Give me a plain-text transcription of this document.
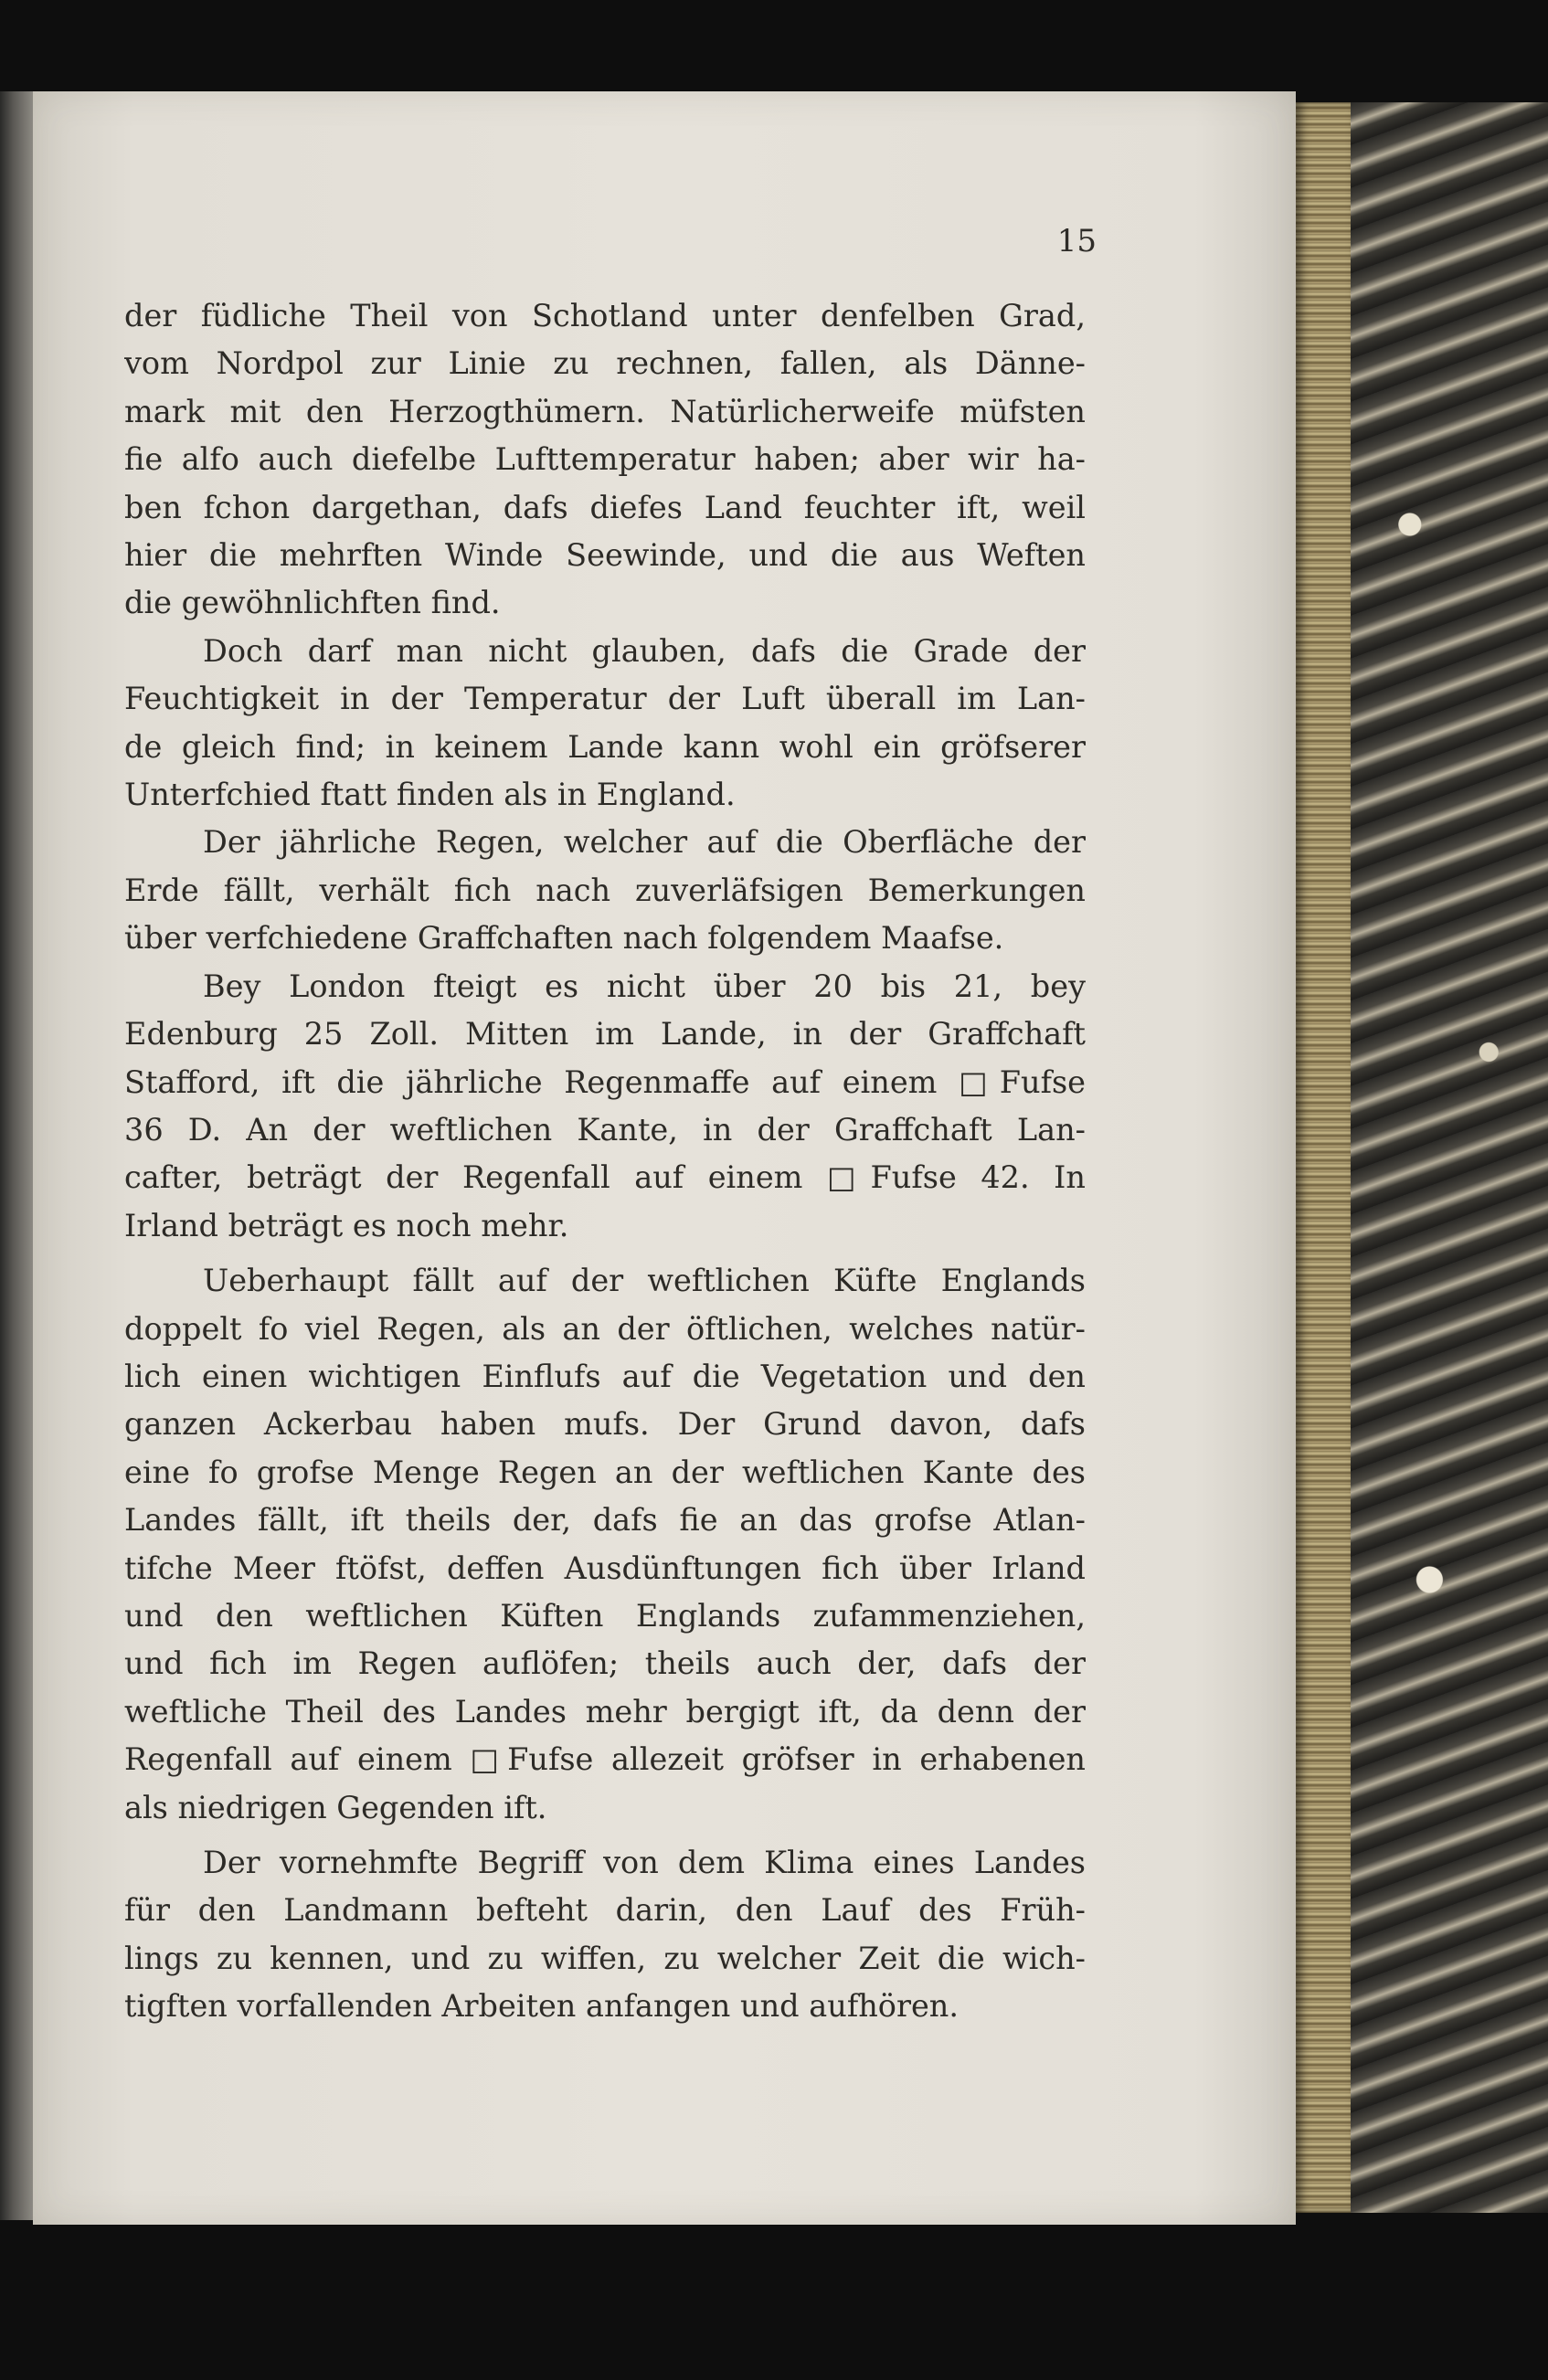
15
der füdliche Theil von Schotland unter denfelben Grad,
vom Nordpol zur Linie zu rechnen, fallen, als Dänne-
mark mit den Herzogthümern. Natürlicherweife müfsten
fie alfo auch diefelbe Lufttemperatur haben; aber wir ha-
ben fchon dargethan, dafs diefes Land feuchter ift, weil
hier die mehrften Winde Seewinde, und die aus Weften
die gewöhnlichften find.
Doch darf man nicht glauben, dafs die Grade der
Feuchtigkeit in der Temperatur der Luft überall im Lan-
de gleich find; in keinem Lande kann wohl ein gröfserer
Unterfchied ftatt finden als in England.
Der jährliche Regen, welcher auf die Oberfläche der
Erde fällt, verhält fich nach zuverläfsigen Bemerkungen
über verfchiedene Graffchaften nach folgendem Maafse.
Bey London fteigt es nicht über 20 bis 21, bey
Edenburg 25 Zoll. Mitten im Lande, in der Graffchaft
Stafford, ift die jährliche Regenmaffe auf einem □Fufse
36 D. An der weftlichen Kante, in der Graffchaft Lan-
cafter, beträgt der Regenfall auf einem □Fufse 42. In
Irland beträgt es noch mehr.
Ueberhaupt fällt auf der weftlichen Küfte Englands
doppelt fo viel Regen, als an der öftlichen, welches natür-
lich einen wichtigen Einflufs auf die Vegetation und den
ganzen Ackerbau haben mufs. Der Grund davon, dafs
eine fo grofse Menge Regen an der weftlichen Kante des
Landes fällt, ift theils der, dafs fie an das grofse Atlan-
tifche Meer ftöfst, deffen Ausdünftungen fich über Irland
und den weftlichen Küften Englands zufammenziehen,
und fich im Regen auflöfen; theils auch der, dafs der
weftliche Theil des Landes mehr bergigt ift, da denn der
Regenfall auf einem □Fufse allezeit gröfser in erhabenen
als niedrigen Gegenden ift.
Der vornehmfte Begriff von dem Klima eines Landes
für den Landmann befteht darin, den Lauf des Früh-
lings zu kennen, und zu wiffen, zu welcher Zeit die wich-
tigften vorfallenden Arbeiten anfangen und aufhören.
